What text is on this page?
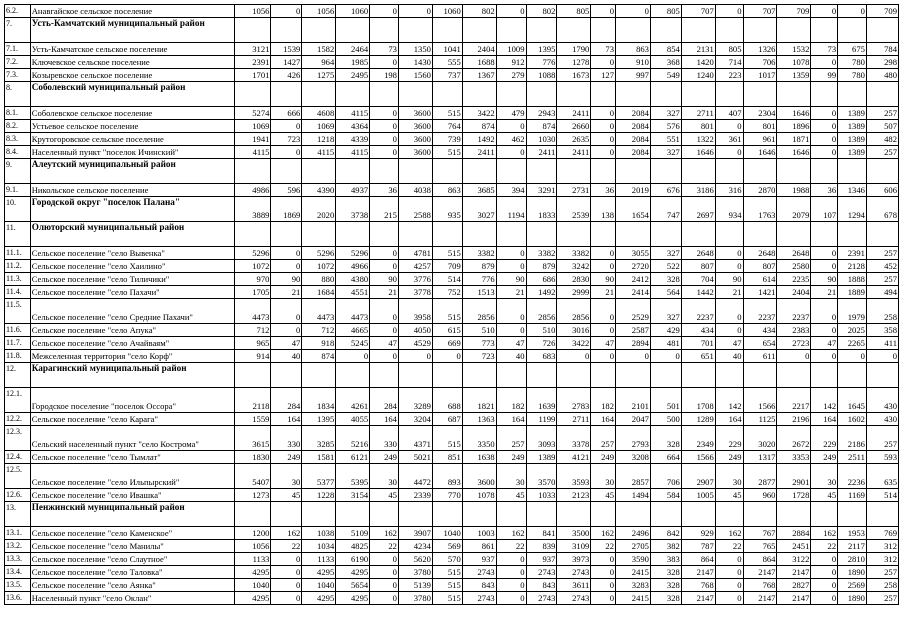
6.2.	Анавгайское сельское поселение	1056	0	1056	1060	0	0	1060	802	0	802	805	0	0	805	707	0	707	709	0	0	709
7.	Усть-Камчатский муниципальный район																					
7.1.	Усть-Камчатское сельское поселение	3121	1539	1582	2464	73	1350	1041	2404	1009	1395	1790	73	863	854	2131	805	1326	1532	73	675	784
7.2.	Ключевское сельское поселение	2391	1427	964	1985	0	1430	555	1688	912	776	1278	0	910	368	1420	714	706	1078	0	780	298
7.3.	Козыревское сельское поселение	1701	426	1275	2495	198	1560	737	1367	279	1088	1673	127	997	549	1240	223	1017	1359	99	780	480
8.	Соболевский муниципальный район																					
8.1.	Соболевское сельское поселение	5274	666	4608	4115	0	3600	515	3422	479	2943	2411	0	2084	327	2711	407	2304	1646	0	1389	257
8.2.	Устьевое сельское поселение	1069	0	1069	4364	0	3600	764	874	0	874	2660	0	2084	576	801	0	801	1896	0	1389	507
8.3.	Крутогоровское сельское поселение	1941	723	1218	4339	0	3600	739	1492	462	1030	2635	0	2084	551	1322	361	961	1871	0	1389	482
8.4.	Населенный пункт "поселок Ичинский"	4115	0	4115	4115	0	3600	515	2411	0	2411	2411	0	2084	327	1646	0	1646	1646	0	1389	257
9.	Алеутский муниципальный район																					
9.1.	Никольское сельское поселение	4986	596	4390	4937	36	4038	863	3685	394	3291	2731	36	2019	676	3186	316	2870	1988	36	1346	606
10.	Городской округ "поселок Палана"	3889	1869	2020	3738	215	2588	935	3027	1194	1833	2539	138	1654	747	2697	934	1763	2079	107	1294	678
11.	Олюторский муниципальный район																					
11.1.	Сельское поселение "село Вывенка"	5296	0	5296	5296	0	4781	515	3382	0	3382	3382	0	3055	327	2648	0	2648	2648	0	2391	257
11.2.	Сельское поселение "село Хаилино"	1072	0	1072	4966	0	4257	709	879	0	879	3242	0	2720	522	807	0	807	2580	0	2128	452
11.3.	Сельское поселение "село Тиличики"	970	90	880	4380	90	3776	514	776	90	686	2830	90	2412	328	704	90	614	2235	90	1888	257
11.4.	Сельское поселение "село Пахачи"	1705	21	1684	4551	21	3778	752	1513	21	1492	2999	21	2414	564	1442	21	1421	2404	21	1889	494
11.5.	Сельское поселение "село Средние Пахачи"	4473	0	4473	4473	0	3958	515	2856	0	2856	2856	0	2529	327	2237	0	2237	2237	0	1979	258
11.6.	Сельское поселение "село Апука"	712	0	712	4665	0	4050	615	510	0	510	3016	0	2587	429	434	0	434	2383	0	2025	358
11.7.	Сельское поселение "село Ачайваям"	965	47	918	5245	47	4529	669	773	47	726	3422	47	2894	481	701	47	654	2723	47	2265	411
11.8.	Межселенная территория "село Корф"	914	40	874	0	0	0	0	723	40	683	0	0	0	0	651	40	611	0	0	0	0
12.	Карагинский муниципальный район																					
12.1.	Городское поселение "поселок Оссора"	2118	284	1834	4261	284	3289	688	1821	182	1639	2783	182	2101	501	1708	142	1566	2217	142	1645	430
12.2.	Сельское поселение "село Карага"	1559	164	1395	4055	164	3204	687	1363	164	1199	2711	164	2047	500	1289	164	1125	2196	164	1602	430
12.3.	Сельский населенный пункт "село Кострома"	3615	330	3285	5216	330	4371	515	3350	257	3093	3378	257	2793	328	2349	229	3020	2672	229	2186	257
12.4.	Сельское поселение "село Тымлат"	1830	249	1581	6121	249	5021	851	1638	249	1389	4121	249	3208	664	1566	249	1317	3353	249	2511	593
12.5.	Сельское поселение "село Ильпырский"	5407	30	5377	5395	30	4472	893	3600	30	3570	3593	30	2857	706	2907	30	2877	2901	30	2236	635
12.6.	Сельское поселение "село Ивашка"	1273	45	1228	3154	45	2339	770	1078	45	1033	2123	45	1494	584	1005	45	960	1728	45	1169	514
13.	Пенжинский муниципальный район																					
13.1.	Сельское поселение "село Каменское"	1200	162	1038	5109	162	3907	1040	1003	162	841	3500	162	2496	842	929	162	767	2884	162	1953	769
13.2.	Сельское поселение "село Манилы"	1056	22	1034	4825	22	4234	569	861	22	839	3109	22	2705	382	787	22	765	2451	22	2117	312
13.3.	Сельское поселение "село Слаутное"	1133	0	1133	6190	0	5620	570	937	0	937	3973	0	3590	383	864	0	864	3122	0	2810	312
13.4.	Сельское поселение "село Таловка"	4295	0	4295	4295	0	3780	515	2743	0	2743	2743	0	2415	328	2147	0	2147	2147	0	1890	257
13.5.	Сельское поселение "село Аянка"	1040	0	1040	5654	0	5139	515	843	0	843	3611	0	3283	328	768	0	768	2827	0	2569	258
13.6.	Населенный пункт "село Оклан"	4295	0	4295	4295	0	3780	515	2743	0	2743	2743	0	2415	328	2147	0	2147	2147	0	1890	257
